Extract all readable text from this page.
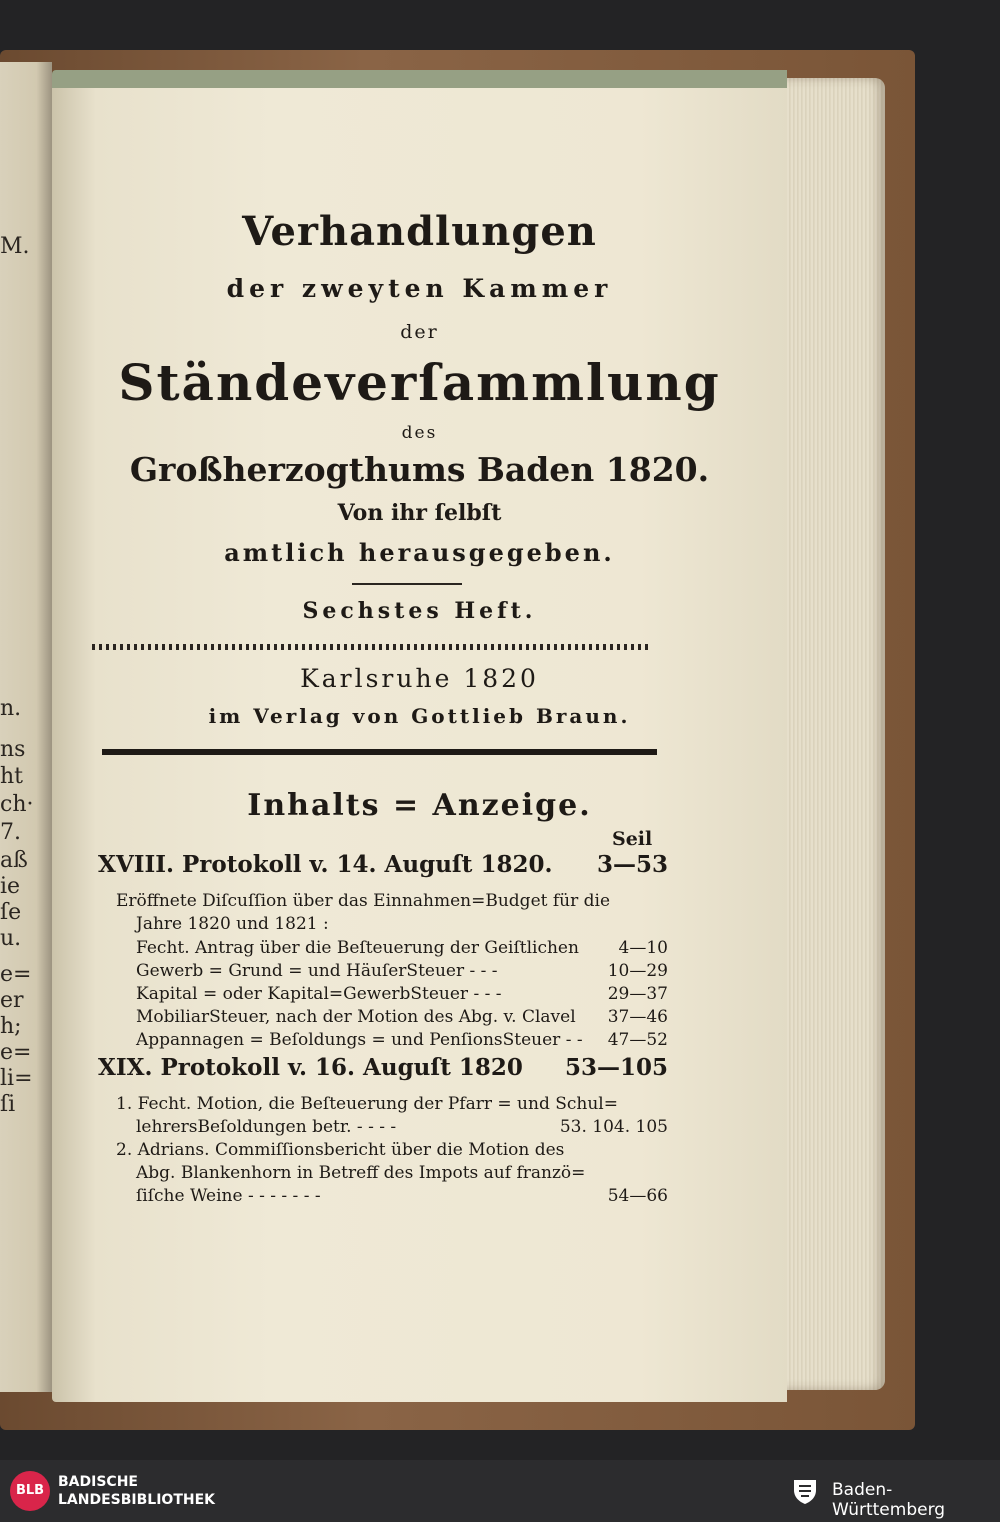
M.
n.
ns
ht
ch·
7.
aß
ie
ſe
u.
e=
er
h;
e=
li=
ſi
Verhandlungen
der zweyten Kammer
der
Ständeverſammlung
des
Großherzogthums Baden 1820.
Von ihr ſelbſt
amtlich herausgegeben.
Sechstes Heft.
Karlsruhe 1820
im Verlag von Gottlieb Braun.
Inhalts = Anzeige.
Seil
XVIII. Protokoll v. 14. Auguſt 1820. 3—53
Eröffnete Diſcuſſion über das Einnahmen=Budget für die
Jahre 1820 und 1821 :
Fecht. Antrag über die Beſteuerung der Geiſtlichen 4—10
Gewerb = Grund = und HäuſerSteuer - - -	10—29
Kapital = oder Kapital=GewerbSteuer - - -	29—37
MobiliarSteuer, nach der Motion des Abg. v. Clavel 37—46
Appannagen = Beſoldungs = und PenſionsSteuer - - 47—52
XIX. Protokoll v. 16. Auguſt 1820 53—105
1. Fecht. Motion, die Beſteuerung der Pfarr = und Schul=
lehrersBeſoldungen betr. - - - -	53. 104. 105
2. Adrians. Commiſſionsbericht über die Motion des
Abg. Blankenhorn in Betreff des Impots auf franzö=
ſiſche Weine - - - - - - -	54—66
BLB
BADISCHE
LANDESBIBLIOTHEK	Baden-Württemberg
